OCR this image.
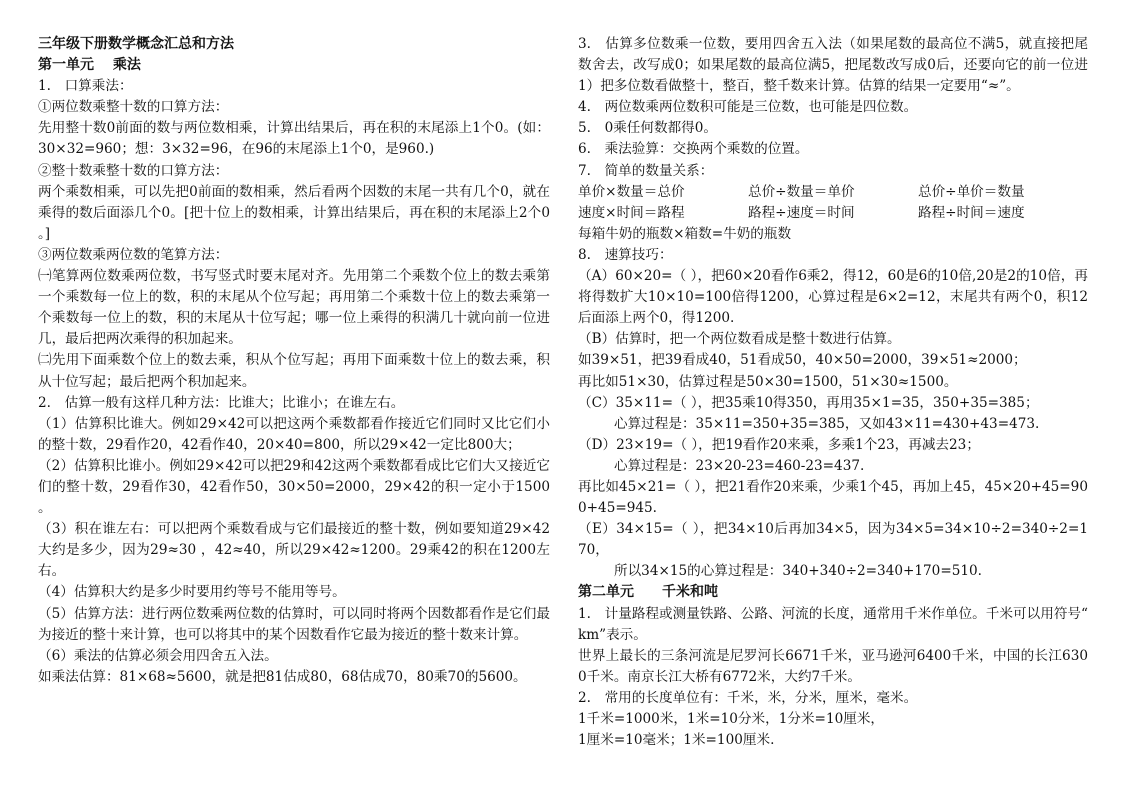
三年级下册数学概念汇总和方法
第一单元　 乘法
1.　口算乘法：
①两位数乘整十数的口算方法：
先用整十数0前面的数与两位数相乘，计算出结果后，再在积的末尾添上1个0。(如：30×32=960；想：3×32=96，在96的末尾添上1个0，是960.)
②整十数乘整十数的口算方法：
两个乘数相乘，可以先把0前面的数相乘，然后看两个因数的末尾一共有几个0，就在乘得的数后面添几个0。[把十位上的数相乘，计算出结果后，再在积的末尾添上2个0。]
③两位数乘两位数的笔算方法：
㈠笔算两位数乘两位数，书写竖式时要末尾对齐。先用第二个乘数个位上的数去乘第一个乘数每一位上的数，积的末尾从个位写起；再用第二个乘数十位上的数去乘第一个乘数每一位上的数，积的末尾从十位写起；哪一位上乘得的积满几十就向前一位进几，最后把两次乘得的积加起来。
㈡先用下面乘数个位上的数去乘，积从个位写起；再用下面乘数十位上的数去乘，积从十位写起；最后把两个积加起来。
2.　估算一般有这样几种方法：比谁大；比谁小；在谁左右。
（1）估算积比谁大。例如29×42可以把这两个乘数都看作接近它们同时又比它们小的整十数，29看作20，42看作40，20×40=800，所以29×42一定比800大；
（2）估算积比谁小。例如29×42可以把29和42这两个乘数都看成比它们大又接近它们的整十数，29看作30，42看作50，30×50=2000，29×42的积一定小于1500。
（3）积在谁左右：可以把两个乘数看成与它们最接近的整十数，例如要知道29×42大约是多少，因为29≈30 ，42≈40，所以29×42≈1200。29乘42的积在1200左右。
（4）估算积大约是多少时要用约等号不能用等号。
（5）估算方法：进行两位数乘两位数的估算时，可以同时将两个因数都看作是它们最为接近的整十来计算，也可以将其中的某个因数看作它最为接近的整十数来计算。
（6）乘法的估算必须会用四舍五入法。
如乘法估算：81×68≈5600，就是把81估成80，68估成70，80乘70的5600。
3.　估算多位数乘一位数，要用四舍五入法（如果尾数的最高位不满5，就直接把尾数舍去，改写成0；如果尾数的最高位满5，把尾数改写成0后，还要向它的前一位进1）把多位数看做整十，整百，整千数来计算。估算的结果一定要用“≈”。
4.　两位数乘两位数积可能是三位数，也可能是四位数。
5.　0乘任何数都得0。
6.　乘法验算：交换两个乘数的位置。
7.　简单的数量关系：
单价×数量＝总价	总价÷数量＝单价	总价÷单价＝数量
速度×时间＝路程	路程÷速度＝时间	路程÷时间＝速度
每箱牛奶的瓶数×箱数=牛奶的瓶数
8.　速算技巧：
（A）60×20=（ ），把60×20看作6乘2，得12，60是6的10倍,20是2的10倍，再将得数扩大10×10=100倍得1200，心算过程是6×2=12，末尾共有两个0，积12后面添上两个0，得1200.
（B）估算时，把一个两位数看成是整十数进行估算。
如39×51，把39看成40，51看成50，40×50=2000，39×51≈2000；
再比如51×30，估算过程是50×30=1500，51×30≈1500。
（C）35×11=（ ），把35乘10得350，再用35×1=35，350+35=385；
心算过程是：35×11=350+35=385，又如43×11=430+43=473.
（D）23×19=（ ），把19看作20来乘，多乘1个23，再减去23；
心算过程是：23×20-23=460-23=437.
再比如45×21=（ ），把21看作20来乘，少乘1个45，再加上45，45×20+45=900+45=945.
（E）34×15=（ ），把34×10后再加34×5，因为34×5=34×10÷2=340÷2=170，
所以34×15的心算过程是：340+340÷2=340+170=510.
第二单元　　千米和吨
1.　计量路程或测量铁路、公路、河流的长度，通常用千米作单位。千米可以用符号“km”表示。
世界上最长的三条河流是尼罗河长6671千米，亚马逊河6400千米，中国的长江6300千米。南京长江大桥有6772米，大约7千米。
2.　常用的长度单位有：千米，米，分米，厘米，毫米。
1千米=1000米，1米=10分米，1分米=10厘米，
1厘米=10毫米；1米=100厘米.
